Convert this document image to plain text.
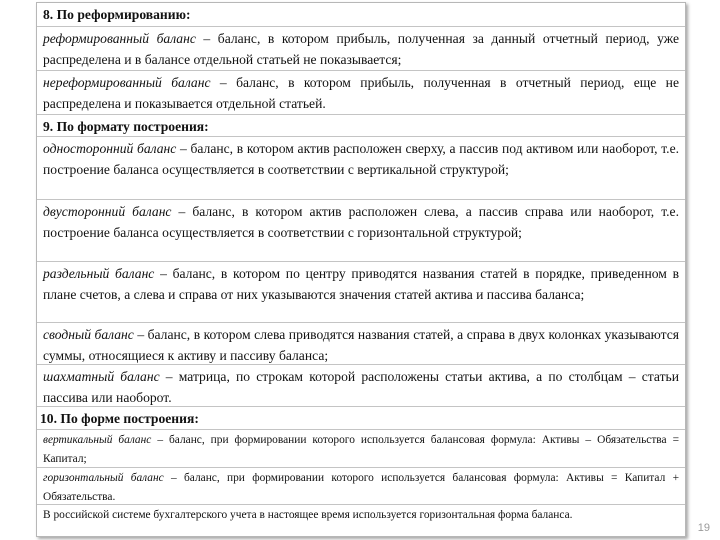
8. По реформированию:
реформированный баланс – баланс, в котором прибыль, полученная за данный отчетный период, уже распределена и в балансе отдельной статьей не показывается;
нереформированный баланс – баланс, в котором прибыль, полученная в отчетный период, еще не распределена и показывается отдельной статьей.
9. По формату построения:
односторонний баланс – баланс, в котором актив расположен сверху, а пассив под активом или наоборот, т.е. построение баланса осуществляется в соответствии с вертикальной структурой;
двусторонний баланс – баланс, в котором актив расположен слева, а пассив справа или наоборот, т.е. построение баланса осуществляется в соответствии с горизонтальной структурой;
раздельный баланс – баланс, в котором по центру приводятся названия статей в порядке, приведенном в плане счетов, а слева и справа от них указываются значения статей актива и пассива баланса;
сводный баланс – баланс, в котором слева приводятся названия статей, а справа в двух колонках указываются суммы, относящиеся к активу и пассиву баланса;
шахматный баланс – матрица, по строкам которой расположены статьи актива, а по столбцам – статьи пассива или наоборот.
10. По форме построения:
вертикальный баланс – баланс, при формировании которого используется балансовая формула: Активы – Обязательства = Капитал;
горизонтальный баланс – баланс, при формировании которого используется балансовая формула: Активы = Капитал + Обязательства.
В российской системе бухгалтерского учета в настоящее время используется горизонтальная форма баланса.
19
